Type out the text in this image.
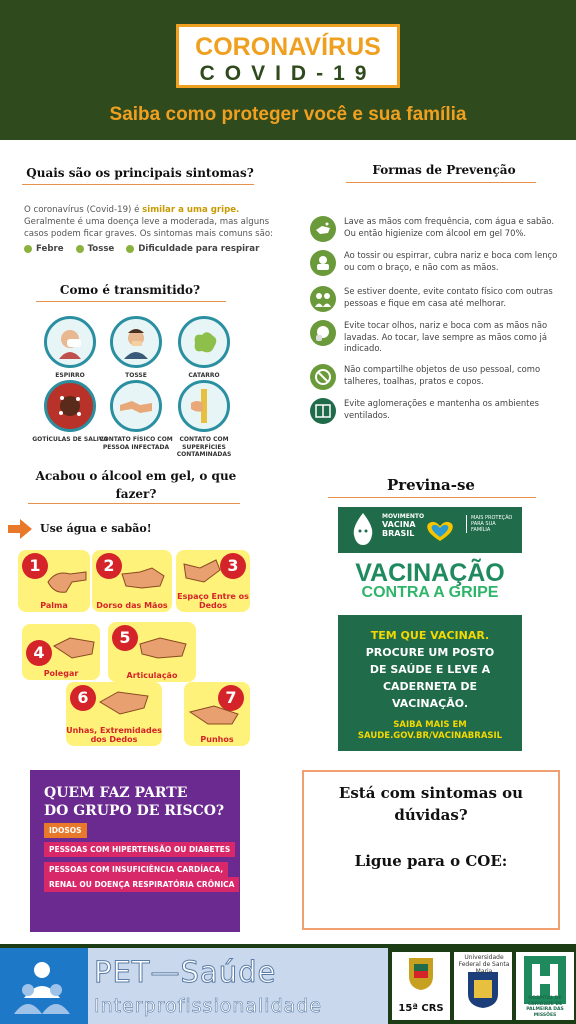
CORONAVÍRUS
COVID-19
Saiba como proteger você e sua família
Quais são os principais sintomas?
O coronavírus (Covid-19) é similar a uma gripe. Geralmente é uma doença leve a moderada, mas alguns casos podem ficar graves. Os sintomas mais comuns são:
Febre	Tosse	Dificuldade para respirar
Como é transmitido?
ESPIRRO	TOSSE	CATARRO
GOTÍCULAS DE SALIVA
CONTATO FÍSICO COM PESSOA INFECTADA
CONTATO COM SUPERFÍCIES CONTAMINADAS
Formas de Prevenção
Lave as mãos com frequência, com água e sabão. Ou então higienize com álcool em gel 70%.
Ao tossir ou espirrar, cubra nariz e boca com lenço ou com o braço, e não com as mãos.
Se estiver doente, evite contato físico com outras pessoas e fique em casa até melhorar.
Evite tocar olhos, nariz e boca com as mãos não lavadas. Ao tocar, lave sempre as mãos como já indicado.
Não compartilhe objetos de uso pessoal, como talheres, toalhas, pratos e copos.
Evite aglomerações e mantenha os ambientes ventilados.
Acabou o álcool em gel, o que fazer?
Use água e sabão!
1
Palma
2
Dorso das Mãos
3
Espaço Entre os Dedos
4
Polegar
5
Articulação
6
Unhas, Extremidades dos Dedos
7
Punhos
Previna-se
MOVIMENTO
VACINA
BRASIL
MAIS PROTEÇÃO PARA SUA FAMÍLIA
VACINAÇÃO
CONTRA A GRIPE
TEM QUE VACINAR.
PROCURE UM POSTO DE SAÚDE E LEVE A CADERNETA DE VACINAÇÃO.
SAIBA MAIS EM
SAUDE.GOV.BR/VACINABRASIL
QUEM FAZ PARTE
DO GRUPO DE RISCO?
IDOSOS
PESSOAS COM HIPERTENSÃO OU DIABETES
PESSOAS COM INSUFICIÊNCIA CARDÍACA,
RENAL OU DOENÇA RESPIRATÓRIA CRÔNICA
Está com sintomas ou
dúvidas?
Ligue para o COE:
PET—Saúde
Interprofissionalidade	15ª CRS
Universidade Federal de Santa Maria
HOSPITAL DE CARIDADE DE PALMEIRA DAS MISSÕES
